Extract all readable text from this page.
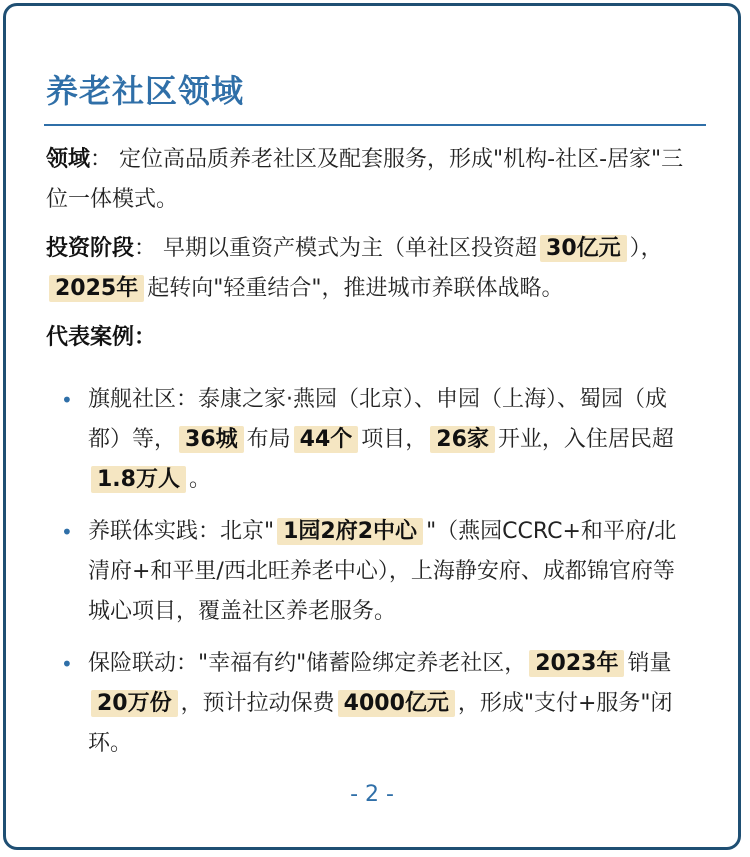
养老社区领域

领域： 定位高品质养老社区及配套服务，形成"机构-社区-居家"三位一体模式。

投资阶段： 早期以重资产模式为主（单社区投资超 30亿元 ），2025年 起转向"轻重结合"，推进城市养联体战略。

代表案例：
• 旗舰社区：泰康之家·燕园（北京）、申园（上海）、蜀园（成都）等， 36城 布局 44个 项目， 26家 开业，入住居民超1.8万人 。
• 养联体实践：北京" 1园2府2中心 "（燕园CCRC+和平府/北清府+和平里/西北旺养老中心），上海静安府、成都锦官府等城心项目，覆盖社区养老服务。
• 保险联动："幸福有约"储蓄险绑定养老社区， 2023年 销量20万份 ，预计拉动保费 4000亿元 ，形成"支付+服务"闭环。
- 2 -
